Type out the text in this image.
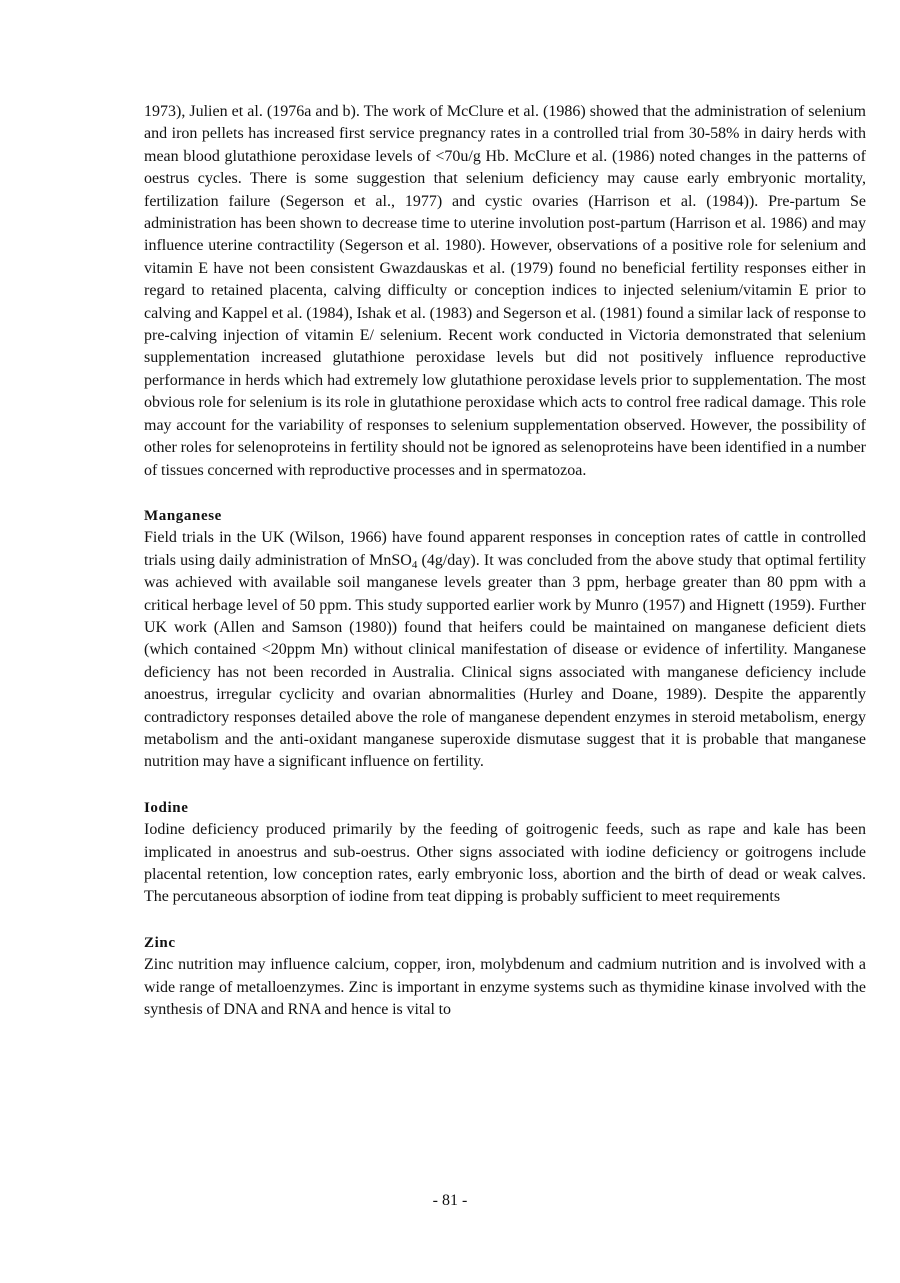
1973), Julien et al. (1976a and b). The work of McClure et al. (1986) showed that the administration of selenium and iron pellets has increased first service pregnancy rates in a controlled trial from 30-58% in dairy herds with mean blood glutathione peroxidase levels of <70u/g Hb. McClure et al. (1986) noted changes in the patterns of oestrus cycles. There is some suggestion that selenium deficiency may cause early embryonic mortality, fertilization failure (Segerson et al., 1977) and cystic ovaries (Harrison et al. (1984)). Pre-partum Se administration has been shown to decrease time to uterine involution post-partum (Harrison et al. 1986) and may influence uterine contractility (Segerson et al. 1980). However, observations of a positive role for selenium and vitamin E have not been consistent Gwazdauskas et al. (1979) found no beneficial fertility responses either in regard to retained placenta, calving difficulty or conception indices to injected selenium/vitamin E prior to calving and Kappel et al. (1984), Ishak et al. (1983) and Segerson et al. (1981) found a similar lack of response to pre-calving injection of vitamin E/ selenium. Recent work conducted in Victoria demonstrated that selenium supplementation increased glutathione peroxidase levels but did not positively influence reproductive performance in herds which had extremely low glutathione peroxidase levels prior to supplementation. The most obvious role for selenium is its role in glutathione peroxidase which acts to control free radical damage. This role may account for the variability of responses to selenium supplementation observed. However, the possibility of other roles for selenoproteins in fertility should not be ignored as selenoproteins have been identified in a number of tissues concerned with reproductive processes and in spermatozoa.

Manganese

Field trials in the UK (Wilson, 1966) have found apparent responses in conception rates of cattle in controlled trials using daily administration of MnSO$_4$ (4g/day). It was concluded from the above study that optimal fertility was achieved with available soil manganese levels greater than 3 ppm, herbage greater than 80 ppm with a critical herbage level of 50 ppm. This study supported earlier work by Munro (1957) and Hignett (1959). Further UK work (Allen and Samson (1980)) found that heifers could be maintained on manganese deficient diets (which contained <20ppm Mn) without clinical manifestation of disease or evidence of infertility. Manganese deficiency has not been recorded in Australia. Clinical signs associated with manganese deficiency include anoestrus, irregular cyclicity and ovarian abnormalities (Hurley and Doane, 1989). Despite the apparently contradictory responses detailed above the role of manganese dependent enzymes in steroid metabolism, energy metabolism and the anti-oxidant manganese superoxide dismutase suggest that it is probable that manganese nutrition may have a significant influence on fertility.

Iodine

Iodine deficiency produced primarily by the feeding of goitrogenic feeds, such as rape and kale has been implicated in anoestrus and sub-oestrus. Other signs associated with iodine deficiency or goitrogens include placental retention, low conception rates, early embryonic loss, abortion and the birth of dead or weak calves. The percutaneous absorption of iodine from teat dipping is probably sufficient to meet requirements

Zinc

Zinc nutrition may influence calcium, copper, iron, molybdenum and cadmium nutrition and is involved with a wide range of metalloenzymes. Zinc is important in enzyme systems such as thymidine kinase involved with the synthesis of DNA and RNA and hence is vital to

- 81 -
